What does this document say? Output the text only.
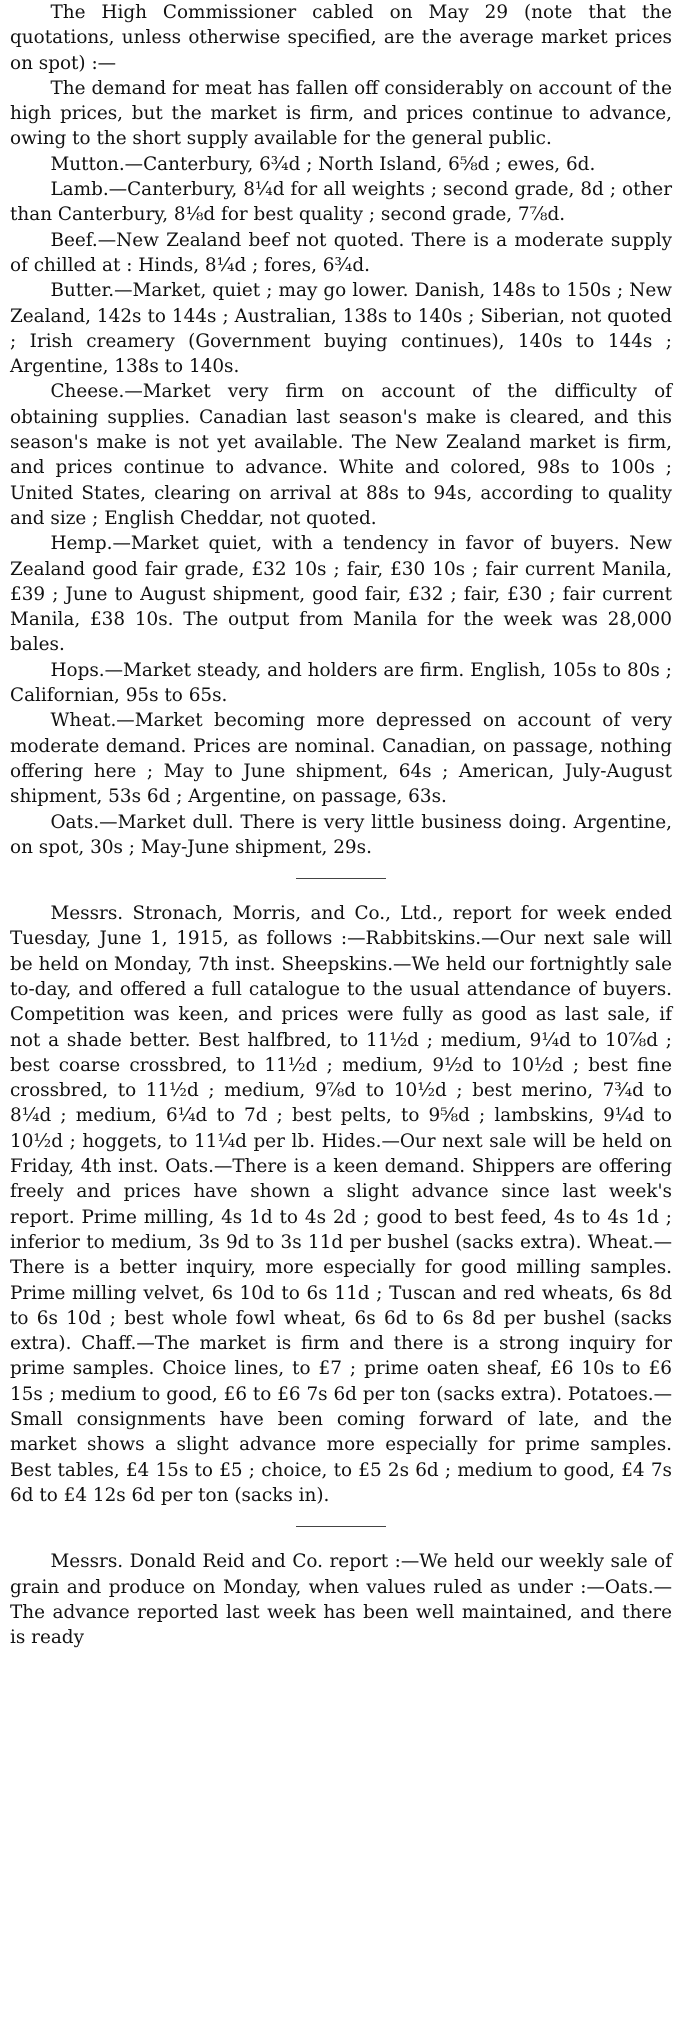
The High Commissioner cabled on May 29 (note that the quotations, unless otherwise specified, are the average market prices on spot) :—

The demand for meat has fallen off considerably on account of the high prices, but the market is firm, and prices continue to advance, owing to the short supply available for the general public.

Mutton.—Canterbury, 6¾d ; North Island, 6⅝d ; ewes, 6d.

Lamb.—Canterbury, 8¼d for all weights ; second grade, 8d ; other than Canterbury, 8⅛d for best quality ; second grade, 7⅞d.

Beef.—New Zealand beef not quoted. There is a moderate supply of chilled at : Hinds, 8¼d ; fores, 6¾d.

Butter.—Market, quiet ; may go lower. Danish, 148s to 150s ; New Zealand, 142s to 144s ; Australian, 138s to 140s ; Siberian, not quoted ; Irish creamery (Government buying continues), 140s to 144s ; Argentine, 138s to 140s.

Cheese.—Market very firm on account of the difficulty of obtaining supplies. Canadian last season's make is cleared, and this season's make is not yet available. The New Zealand market is firm, and prices continue to advance. White and colored, 98s to 100s ; United States, clearing on arrival at 88s to 94s, according to quality and size ; English Cheddar, not quoted.

Hemp.—Market quiet, with a tendency in favor of buyers. New Zealand good fair grade, £32 10s ; fair, £30 10s ; fair current Manila, £39 ; June to August shipment, good fair, £32 ; fair, £30 ; fair current Manila, £38 10s. The output from Manila for the week was 28,000 bales.

Hops.—Market steady, and holders are firm. English, 105s to 80s ; Californian, 95s to 65s.

Wheat.—Market becoming more depressed on account of very moderate demand. Prices are nominal. Canadian, on passage, nothing offering here ; May to June shipment, 64s ; American, July-August shipment, 53s 6d ; Argentine, on passage, 63s.

Oats.—Market dull. There is very little business doing. Argentine, on spot, 30s ; May-June shipment, 29s.

Messrs. Stronach, Morris, and Co., Ltd., report for week ended Tuesday, June 1, 1915, as follows :—Rabbitskins.—Our next sale will be held on Monday, 7th inst. Sheepskins.—We held our fortnightly sale to-day, and offered a full catalogue to the usual attendance of buyers. Competition was keen, and prices were fully as good as last sale, if not a shade better. Best halfbred, to 11½d ; medium, 9¼d to 10⅞d ; best coarse crossbred, to 11½d ; medium, 9½d to 10½d ; best fine crossbred, to 11½d ; medium, 9⅞d to 10½d ; best merino, 7¾d to 8¼d ; medium, 6¼d to 7d ; best pelts, to 9⅝d ; lambskins, 9¼d to 10½d ; hoggets, to 11¼d per lb. Hides.—Our next sale will be held on Friday, 4th inst. Oats.—There is a keen demand. Shippers are offering freely and prices have shown a slight advance since last week's report. Prime milling, 4s 1d to 4s 2d ; good to best feed, 4s to 4s 1d ; inferior to medium, 3s 9d to 3s 11d per bushel (sacks extra). Wheat.—There is a better inquiry, more especially for good milling samples. Prime milling velvet, 6s 10d to 6s 11d ; Tuscan and red wheats, 6s 8d to 6s 10d ; best whole fowl wheat, 6s 6d to 6s 8d per bushel (sacks extra). Chaff.—The market is firm and there is a strong inquiry for prime samples. Choice lines, to £7 ; prime oaten sheaf, £6 10s to £6 15s ; medium to good, £6 to £6 7s 6d per ton (sacks extra). Potatoes.—Small consignments have been coming forward of late, and the market shows a slight advance more especially for prime samples. Best tables, £4 15s to £5 ; choice, to £5 2s 6d ; medium to good, £4 7s 6d to £4 12s 6d per ton (sacks in).

Messrs. Donald Reid and Co. report :—We held our weekly sale of grain and produce on Monday, when values ruled as under :—Oats.—The advance reported last week has been well maintained, and there is ready
